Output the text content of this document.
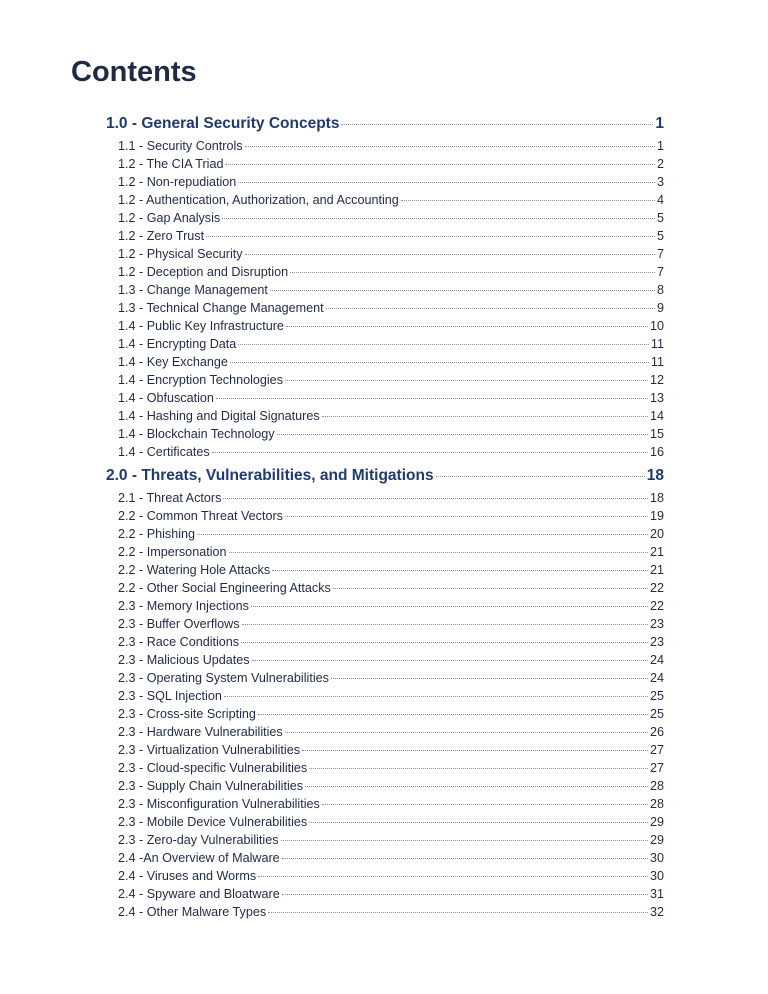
Contents
1.0 - General Security Concepts	1
1.1 - Security Controls	1
1.2 - The CIA Triad	2
1.2 - Non-repudiation	3
1.2 - Authentication, Authorization, and Accounting	4
1.2 - Gap Analysis	5
1.2 - Zero Trust	5
1.2 - Physical Security	7
1.2 - Deception and Disruption	7
1.3 - Change Management	8
1.3 - Technical Change Management	9
1.4 - Public Key Infrastructure	10
1.4 - Encrypting Data	11
1.4 - Key Exchange	11
1.4 - Encryption Technologies	12
1.4 - Obfuscation	13
1.4 - Hashing and Digital Signatures	14
1.4 - Blockchain Technology	15
1.4 - Certificates	16
2.0 - Threats, Vulnerabilities, and Mitigations	18
2.1 - Threat Actors	18
2.2 - Common Threat Vectors	19
2.2 - Phishing	20
2.2 - Impersonation	21
2.2 - Watering Hole Attacks	21
2.2 - Other Social Engineering Attacks	22
2.3 - Memory Injections	22
2.3 - Buffer Overflows	23
2.3 - Race Conditions	23
2.3 - Malicious Updates	24
2.3 - Operating System Vulnerabilities	24
2.3 - SQL Injection	25
2.3 - Cross-site Scripting	25
2.3 - Hardware Vulnerabilities	26
2.3 - Virtualization Vulnerabilities	27
2.3 - Cloud-specific Vulnerabilities	27
2.3 - Supply Chain Vulnerabilities	28
2.3 - Misconfiguration Vulnerabilities	28
2.3 - Mobile Device Vulnerabilities	29
2.3 - Zero-day Vulnerabilities	29
2.4 -An Overview of Malware	30
2.4 - Viruses and Worms	30
2.4 - Spyware and Bloatware	31
2.4 - Other Malware Types	32
